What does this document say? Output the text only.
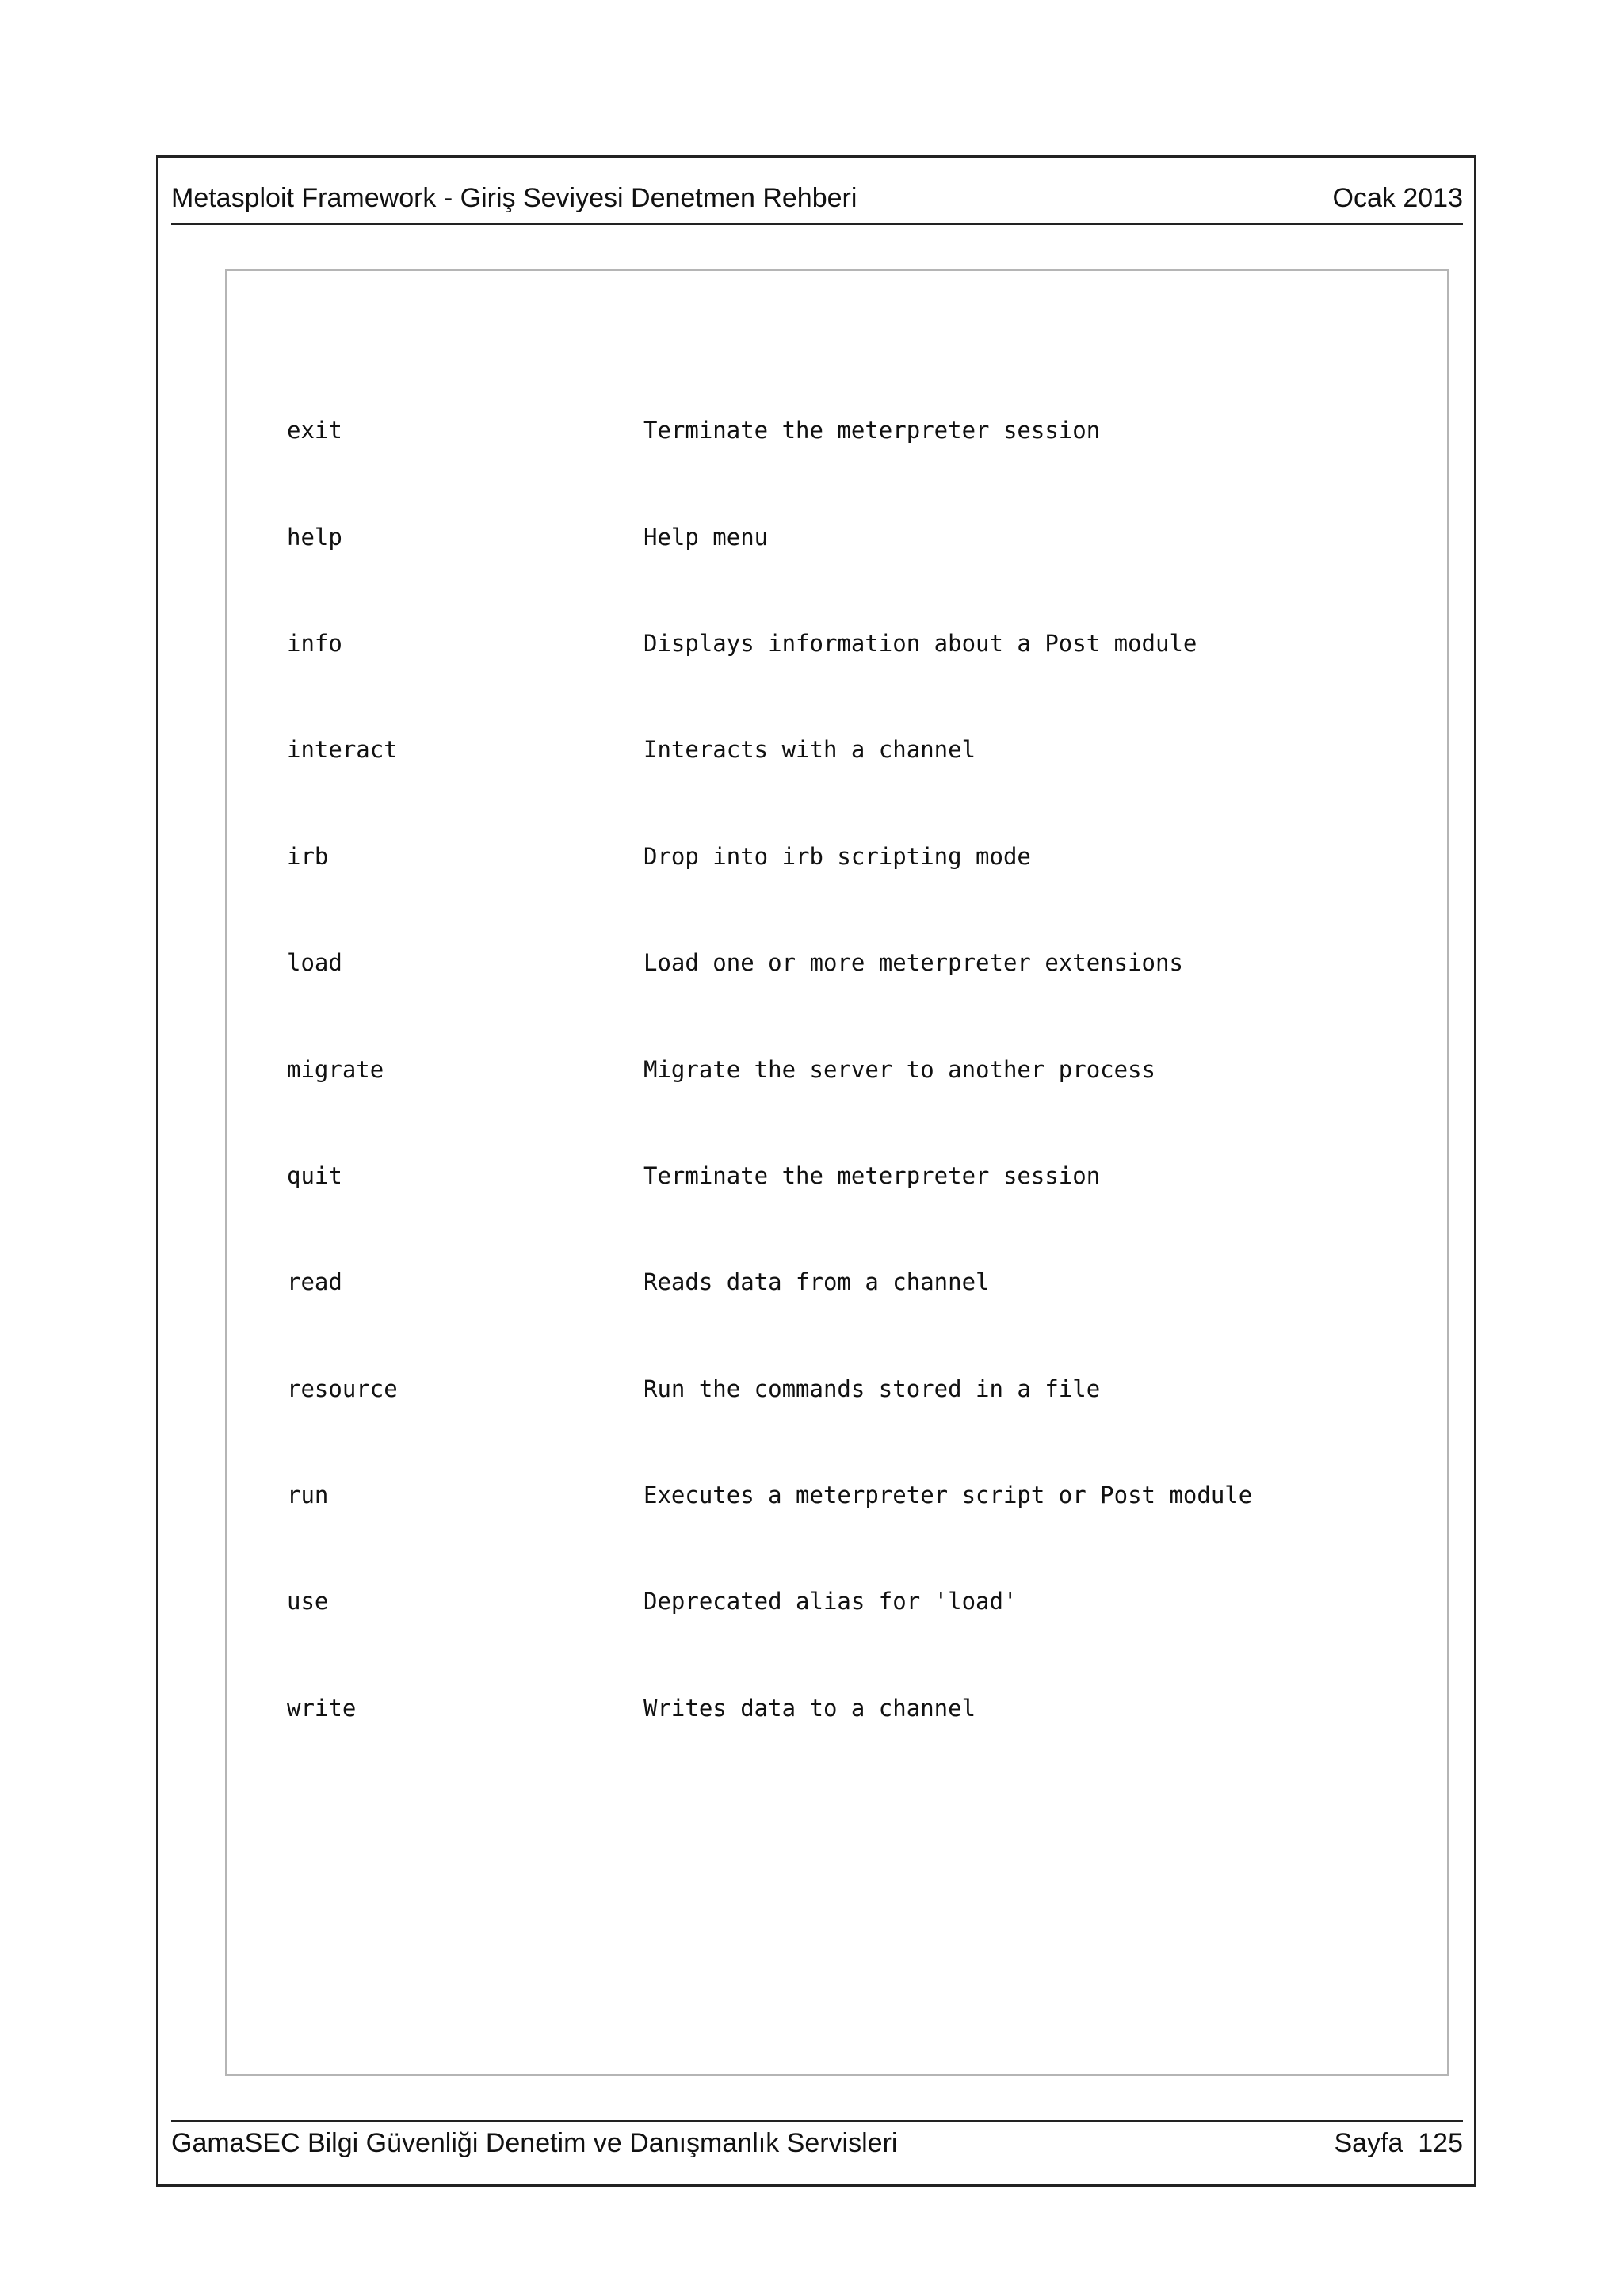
Metasploit Framework - Giriş Seviyesi Denetmen Rehberi	Ocak 2013

exit	Terminate the meterpreter session

help	Help menu

info	Displays information about a Post module

interact	Interacts with a channel

irb	Drop into irb scripting mode

load	Load one or more meterpreter extensions

migrate	Migrate the server to another process

quit	Terminate the meterpreter session

read	Reads data from a channel

resource	Run the commands stored in a file

run	Executes a meterpreter script or Post module

use	Deprecated alias for 'load'

write	Writes data to a channel

GamaSEC Bilgi Güvenliği Denetim ve Danışmanlık Servisleri	Sayfa  125
